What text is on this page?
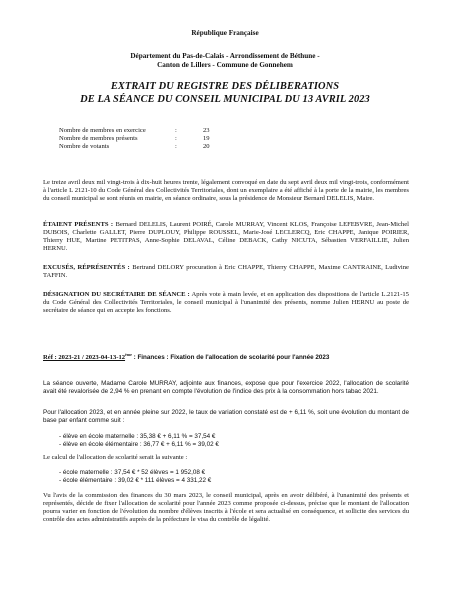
République Française
Département du Pas-de-Calais - Arrondissement de Béthune -
Canton de Lillers - Commune de Gonnehem
EXTRAIT DU REGISTRE DES DÉLIBERATIONS
DE LA SÉANCE DU CONSEIL MUNICIPAL DU 13 AVRIL 2023
Nombre de membres en exercice	:	23
Nombre de membres présents	:	19
Nombre de votants	:	20

Le treize avril deux mil vingt-trois à dix-huit heures trente, légalement convoqué en date du sept avril deux mil vingt-trois, conformément à l'article L 2121-10 du Code Général des Collectivités Territoriales, dont un exemplaire a été affiché à la porte de la mairie, les membres du conseil municipal se sont réunis en mairie, en séance ordinaire, sous la présidence de Monsieur Bernard DELELIS, Maire.

ÉTAIENT PRÉSENTS : Bernard DELELIS, Laurent POIRÉ, Carole MURRAY, Vincent KLOS, Françoise LEFEBVRE, Jean-Michel DUBOIS, Charlette GALLET, Pierre DUPLOUY, Philippe ROUSSEL, Marie-José LECLERCQ, Eric CHAPPE, Janique POIRIER, Thierry HUE, Martine PETITPAS, Anne-Sophie DELAVAL, Céline DEBACK, Cathy NICUTA, Sébastien VERFAILLIE, Julien HERNU.

EXCUSÉS, RÉPRÉSENTÉS : Bertrand DELORY procuration à Eric CHAPPE, Thierry CHAPPE, Maxime CANTRAINE, Ludivine TAFFIN.

DÉSIGNATION DU SECRÉTAIRE DE SÉANCE : Après vote à main levée, et en application des dispositions de l'article L.2121-15 du Code Général des Collectivités Territoriales, le conseil municipal à l'unanimité des présents, nomme Julien HERNU au poste de secrétaire de séance qui en accepte les fonctions.

Réf : 2023-21 / 2023-04-13-12ème : Finances : Fixation de l'allocation de scolarité pour l'année 2023

La séance ouverte, Madame Carole MURRAY, adjointe aux finances, expose que pour l'exercice 2022, l'allocation de scolarité avait été revalorisée de 2,94 % en prenant en compte l'évolution de l'indice des prix à la consommation hors tabac 2021.

Pour l'allocation 2023, et en année pleine sur 2022, le taux de variation constaté est de + 6,11 %, soit une évolution du montant de base par enfant comme suit :

- élève en école maternelle : 35,38 € + 6,11 % = 37,54 €
- élève en école élémentaire : 36,77 € + 6,11 % = 39,02 €

Le calcul de l'allocation de scolarité serait la suivante :

- école maternelle : 37,54 € * 52 élèves = 1 952,08 €
- école élémentaire : 39,02 € * 111 élèves = 4 331,22 €

Vu l'avis de la commission des finances du 30 mars 2023, le conseil municipal, après en avoir délibéré, à l'unanimité des présents et représentés, décide de fixer l'allocation de scolarité pour l'année 2023 comme proposée ci-dessus, précise que le montant de l'allocation pourra varier en fonction de l'évolution du nombre d'élèves inscrits à l'école et sera actualisé en conséquence, et sollicite des services du contrôle des actes administratifs auprès de la préfecture le visa du contrôle de légalité.
